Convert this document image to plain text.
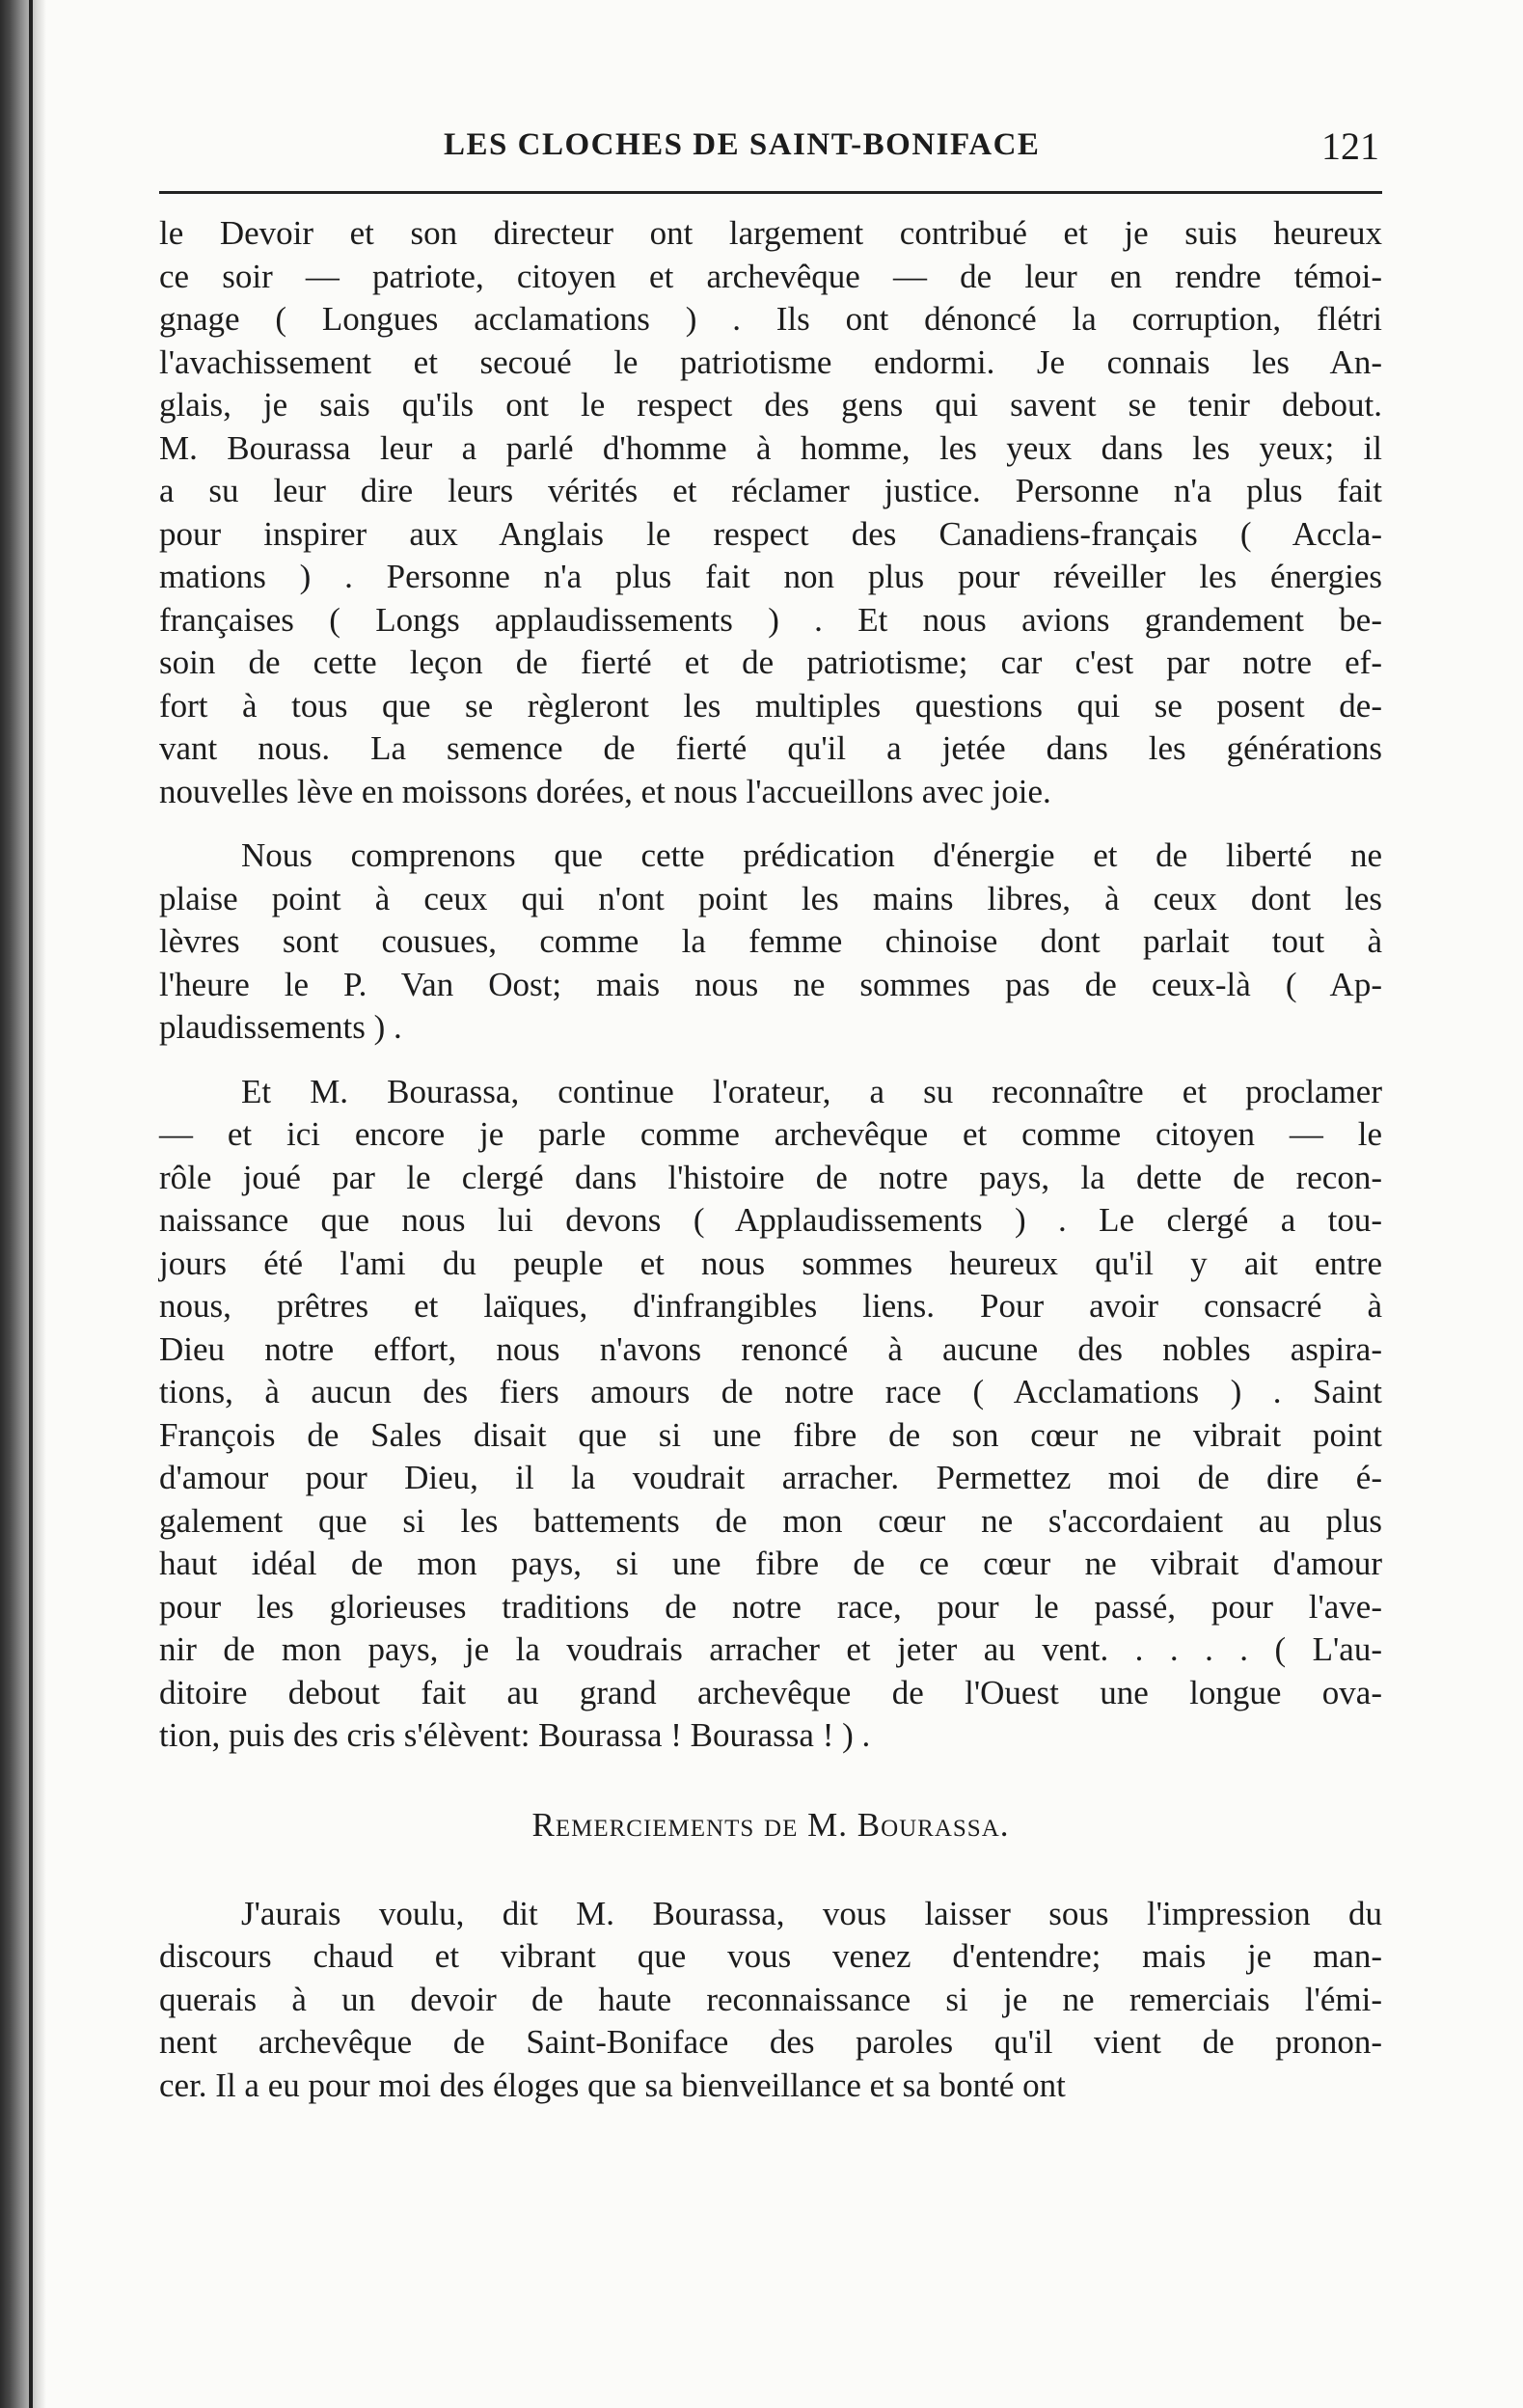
LES CLOCHES DE SAINT-BONIFACE	121
le Devoir et son directeur ont largement contribué et je suis heureux
ce soir — patriote, citoyen et archevêque — de leur en rendre témoi-
gnage ( Longues acclamations ) . Ils ont dénoncé la corruption, flétri
l'avachissement et secoué le patriotisme endormi. Je connais les An-
glais, je sais qu'ils ont le respect des gens qui savent se tenir debout.
M. Bourassa leur a parlé d'homme à homme, les yeux dans les yeux; il
a su leur dire leurs vérités et réclamer justice. Personne n'a plus fait
pour inspirer aux Anglais le respect des Canadiens-français ( Accla-
mations ) . Personne n'a plus fait non plus pour réveiller les énergies
françaises ( Longs applaudissements ) . Et nous avions grandement be-
soin de cette leçon de fierté et de patriotisme; car c'est par notre ef-
fort à tous que se règleront les multiples questions qui se posent de-
vant nous. La semence de fierté qu'il a jetée dans les générations
nouvelles lève en moissons dorées, et nous l'accueillons avec joie.
Nous comprenons que cette prédication d'énergie et de liberté ne
plaise point à ceux qui n'ont point les mains libres, à ceux dont les
lèvres sont cousues, comme la femme chinoise dont parlait tout à
l'heure le P. Van Oost; mais nous ne sommes pas de ceux-là ( Ap-
plaudissements ) .
Et M. Bourassa, continue l'orateur, a su reconnaître et proclamer
— et ici encore je parle comme archevêque et comme citoyen — le
rôle joué par le clergé dans l'histoire de notre pays, la dette de recon-
naissance que nous lui devons ( Applaudissements ) . Le clergé a tou-
jours été l'ami du peuple et nous sommes heureux qu'il y ait entre
nous, prêtres et laïques, d'infrangibles liens. Pour avoir consacré à
Dieu notre effort, nous n'avons renoncé à aucune des nobles aspira-
tions, à aucun des fiers amours de notre race ( Acclamations ) . Saint
François de Sales disait que si une fibre de son cœur ne vibrait point
d'amour pour Dieu, il la voudrait arracher. Permettez moi de dire é-
galement que si les battements de mon cœur ne s'accordaient au plus
haut idéal de mon pays, si une fibre de ce cœur ne vibrait d'amour
pour les glorieuses traditions de notre race, pour le passé, pour l'ave-
nir de mon pays, je la voudrais arracher et jeter au vent. . . . . ( L'au-
ditoire debout fait au grand archevêque de l'Ouest une longue ova-
tion, puis des cris s'élèvent: Bourassa ! Bourassa ! ) .
Remerciements de M. Bourassa.
J'aurais voulu, dit M. Bourassa, vous laisser sous l'impression du
discours chaud et vibrant que vous venez d'entendre; mais je man-
querais à un devoir de haute reconnaissance si je ne remerciais l'émi-
nent archevêque de Saint-Boniface des paroles qu'il vient de pronon-
cer. Il a eu pour moi des éloges que sa bienveillance et sa bonté ont
